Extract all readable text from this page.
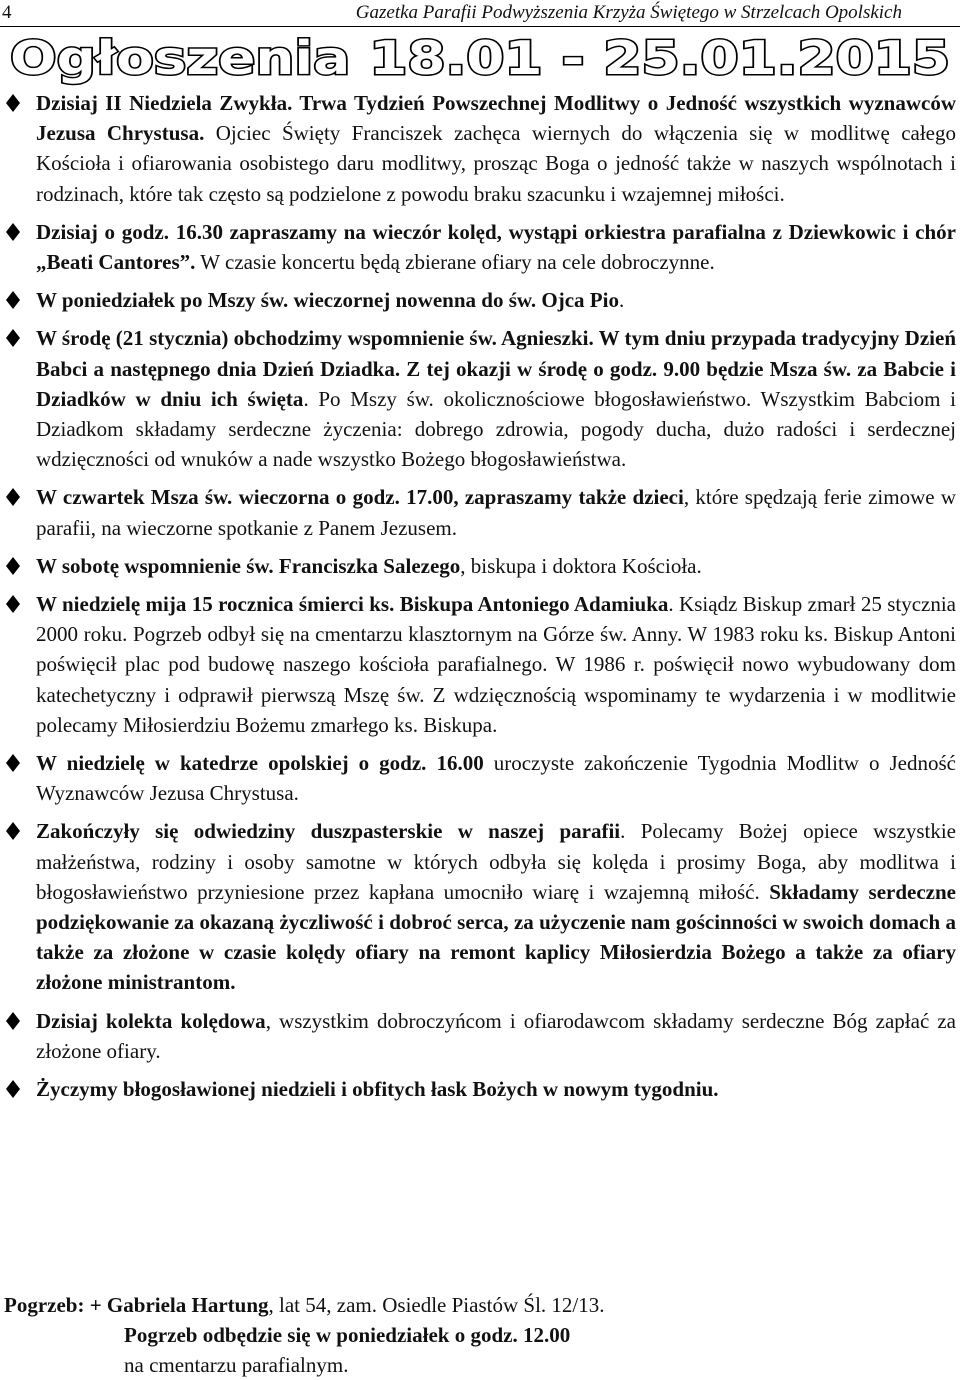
4	Gazetka Parafii Podwyższenia Krzyża Świętego w Strzelcach Opolskich
Ogłoszenia 18.01 - 25.01.2015
Dzisiaj II Niedziela Zwykła. Trwa Tydzień Powszechnej Modlitwy o Jedność wszystkich wyznawców Jezusa Chrystusa. Ojciec Święty Franciszek zachęca wiernych do włączenia się w modlitwę całego Kościoła i ofiarowania osobistego daru modlitwy, prosząc Boga o jedność także w naszych wspólnotach i rodzinach, które tak często są podzielone z powodu braku szacunku i wzajemnej miłości.
Dzisiaj o godz. 16.30 zapraszamy na wieczór kolęd, wystąpi orkiestra parafialna z Dziewkowic i chór „Beati Cantores”. W czasie koncertu będą zbierane ofiary na cele dobroczynne.
W poniedziałek po Mszy św. wieczornej nowenna do św. Ojca Pio.
W środę (21 stycznia) obchodzimy wspomnienie św. Agnieszki. W tym dniu przypada tradycyjny Dzień Babci a następnego dnia Dzień Dziadka. Z tej okazji w środę o godz. 9.00 będzie Msza św. za Babcie i Dziadków w dniu ich święta. Po Mszy św. okolicznościowe błogosławieństwo. Wszystkim Babciom i Dziadkom składamy serdeczne życzenia: dobrego zdrowia, pogody ducha, dużo radości i serdecznej wdzięczności od wnuków a nade wszystko Bożego błogosławieństwa.
W czwartek Msza św. wieczorna o godz. 17.00, zapraszamy także dzieci, które spędzają ferie zimowe w parafii, na wieczorne spotkanie z Panem Jezusem.
W sobotę wspomnienie św. Franciszka Salezego, biskupa i doktora Kościoła.
W niedzielę mija 15 rocznica śmierci ks. Biskupa Antoniego Adamiuka. Ksiądz Biskup zmarł 25 stycznia 2000 roku. Pogrzeb odbył się na cmentarzu klasztornym na Górze św. Anny. W 1983 roku ks. Biskup Antoni poświęcił plac pod budowę naszego kościoła parafialnego. W 1986 r. poświęcił nowo wybudowany dom katechetyczny i odprawił pierwszą Mszę św. Z wdzięcznością wspominamy te wydarzenia i w modlitwie polecamy Miłosierdziu Bożemu zmarłego ks. Biskupa.
W niedzielę w katedrze opolskiej o godz. 16.00 uroczyste zakończenie Tygodnia Modlitw o Jedność Wyznawców Jezusa Chrystusa.
Zakończyły się odwiedziny duszpasterskie w naszej parafii. Polecamy Bożej opiece wszystkie małżeństwa, rodziny i osoby samotne w których odbyła się kolęda i prosimy Boga, aby modlitwa i błogosławieństwo przyniesione przez kapłana umocniło wiarę i wzajemną miłość. Składamy serdeczne podziękowanie za okazaną życzliwość i dobroć serca, za użyczenie nam gościnności w swoich domach a także za złożone w czasie kolędy ofiary na remont kaplicy Miłosierdzia Bożego a także za ofiary złożone ministrantom.
Dzisiaj kolekta kolędowa, wszystkim dobroczyńcom i ofiarodawcom składamy serdeczne Bóg zapłać za złożone ofiary.
Życzymy błogosławionej niedzieli i obfitych łask Bożych w nowym tygodniu.
Pogrzeb: + Gabriela Hartung, lat 54, zam. Osiedle Piastów Śl. 12/13.
Pogrzeb odbędzie się w poniedziałek o godz. 12.00
na cmentarzu parafialnym.
